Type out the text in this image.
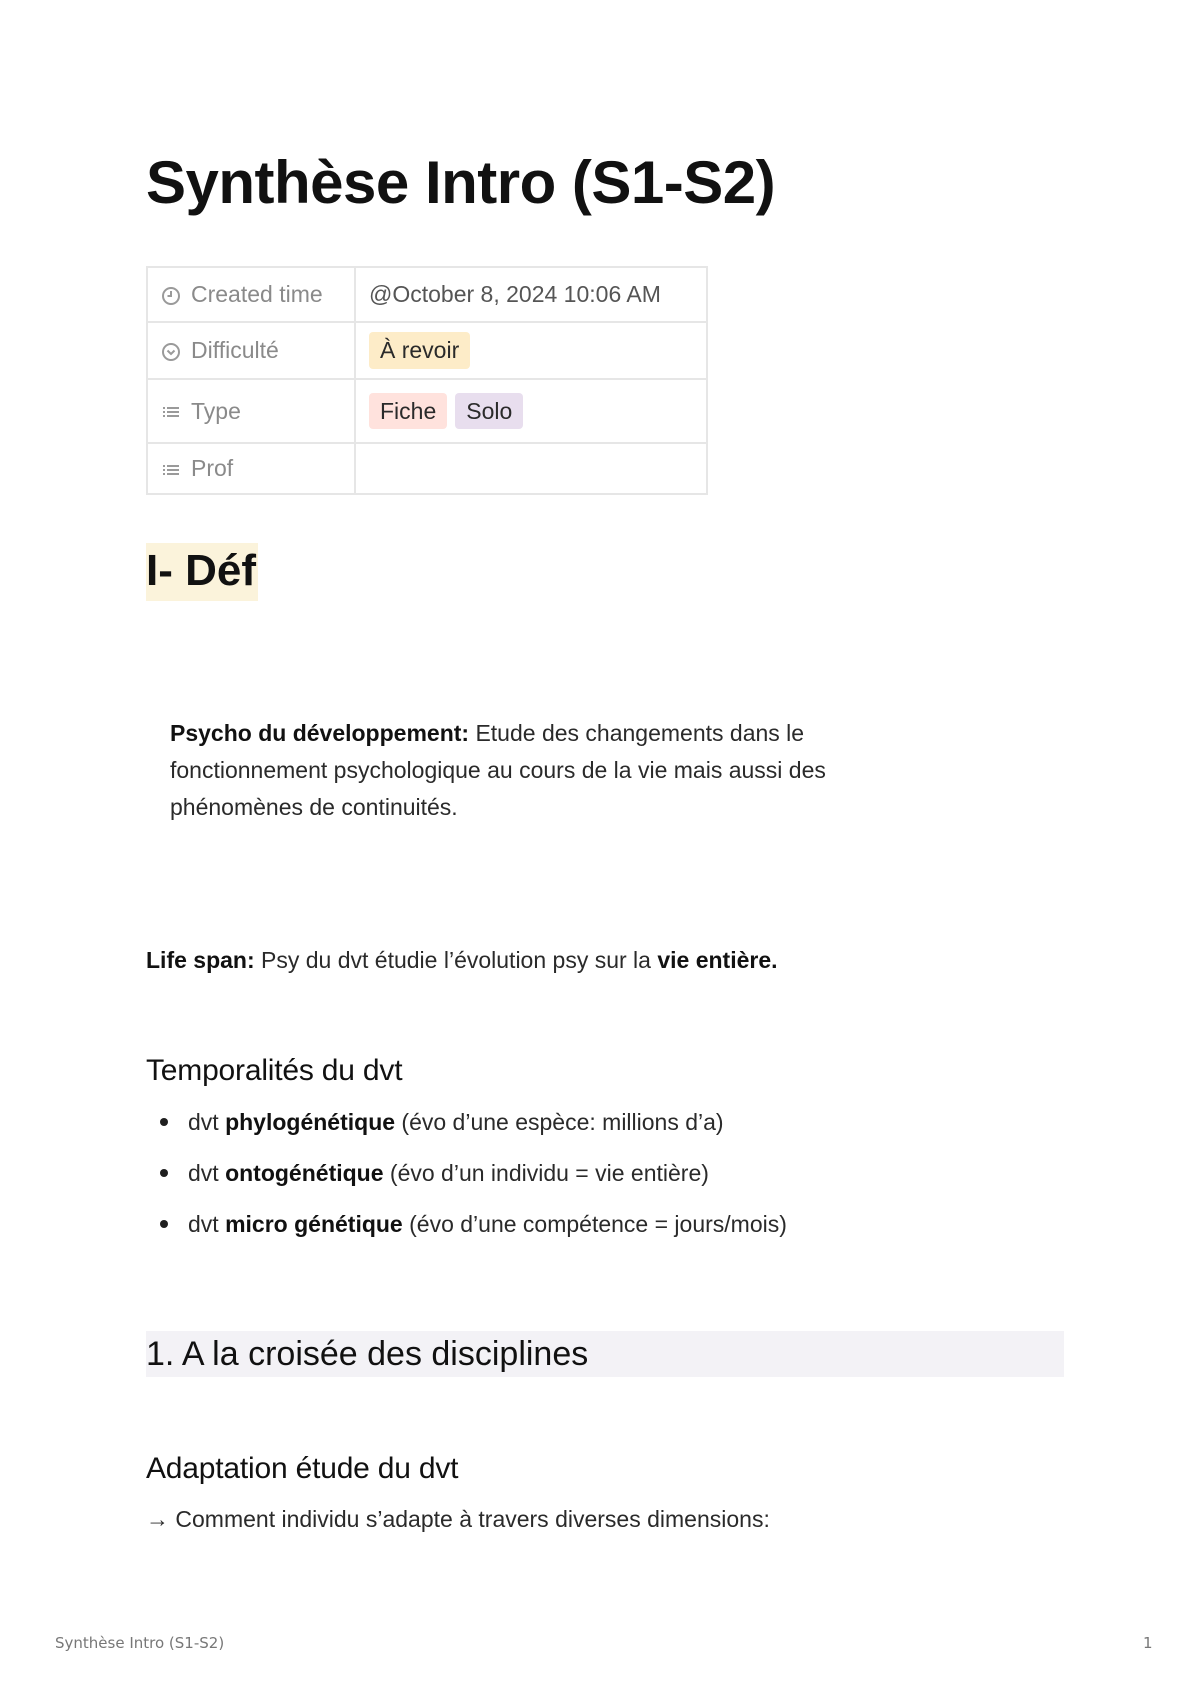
Synthèse Intro (S1-S2)
Created time	@October 8, 2024 10:06 AM
Difficulté	À revoir
Type	Fiche Solo
Prof	
I- Déf

Psycho du développement: Etude des changements dans le fonctionnement psychologique au cours de la vie mais aussi des phénomènes de continuités.

Life span: Psy du dvt étudie l’évolution psy sur la vie entière.

Temporalités du dvt
dvt phylogénétique (évo d’une espèce: millions d’a)
dvt ontogénétique (évo d’un individu = vie entière)
dvt micro génétique (évo d’une compétence = jours/mois)
1. A la croisée des disciplines
Adaptation étude du dvt

→ Comment individu s’adapte à travers diverses dimensions:

Synthèse Intro (S1-S2)	1
